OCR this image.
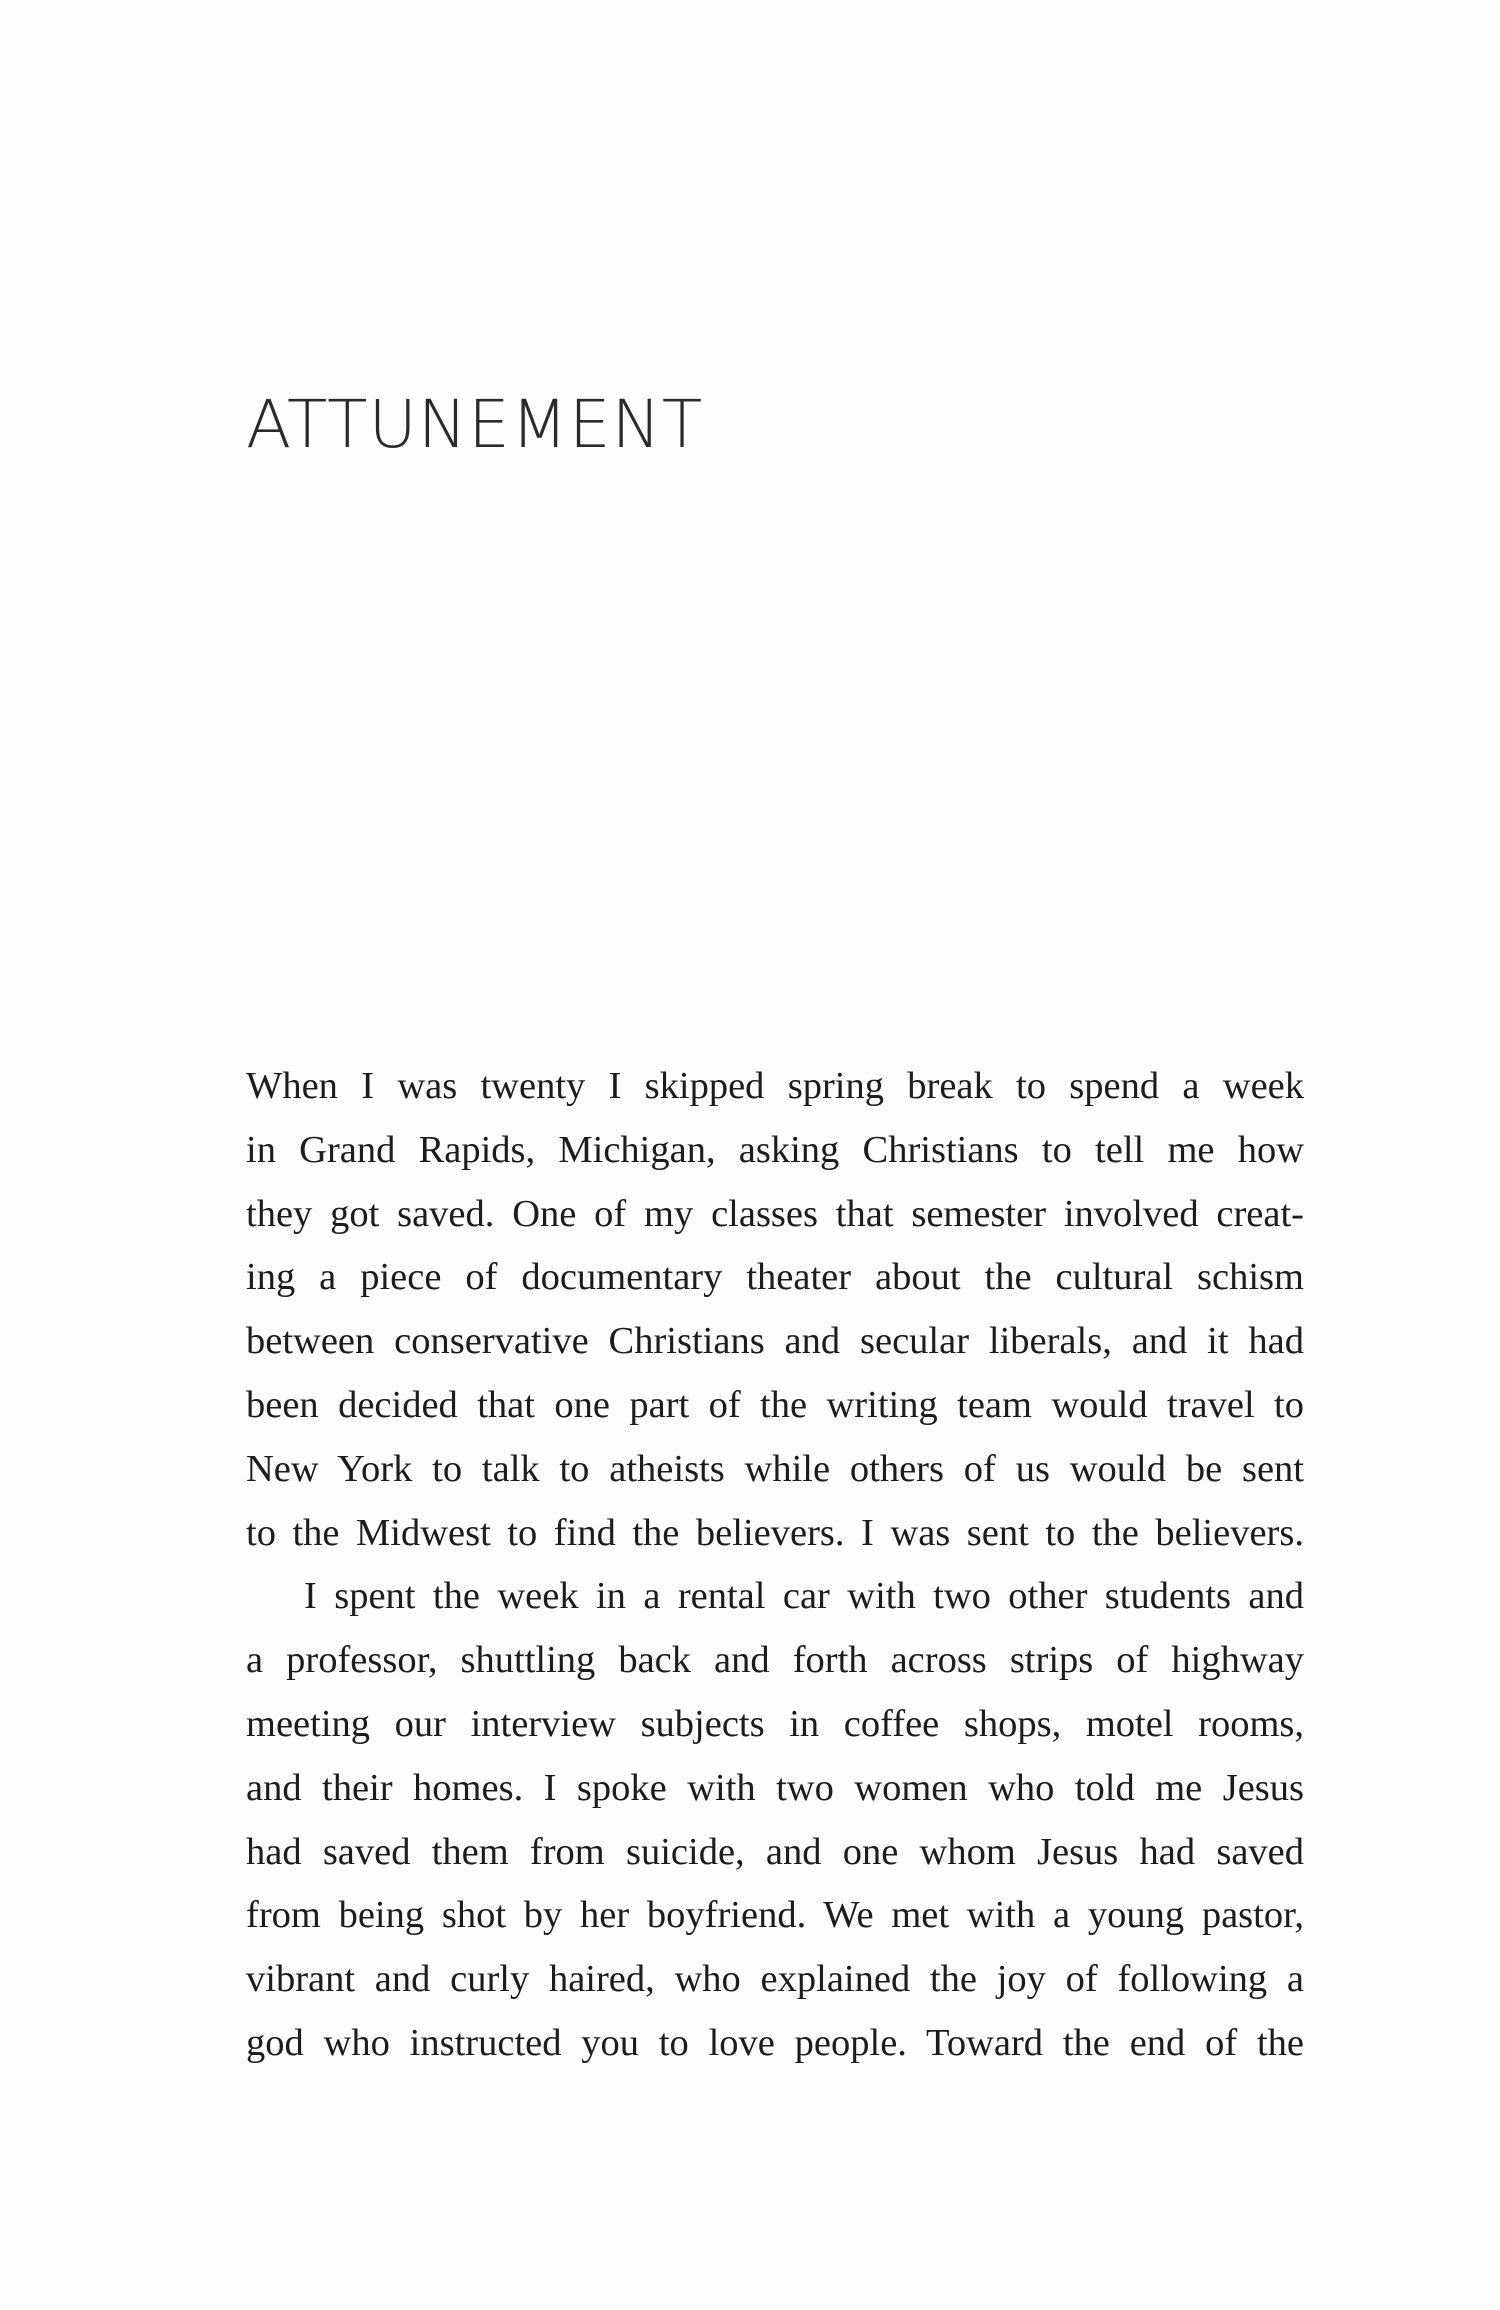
ATTUNEMENT
When I was twenty I skipped spring break to spend a week
in Grand Rapids, Michigan, asking Christians to tell me how
they got saved. One of my classes that semester involved creat-
ing a piece of documentary theater about the cultural schism
between conservative Christians and secular liberals, and it had
been decided that one part of the writing team would travel to
New York to talk to atheists while others of us would be sent
to the Midwest to find the believers. I was sent to the believers.
I spent the week in a rental car with two other students and
a professor, shuttling back and forth across strips of highway
meeting our interview subjects in coffee shops, motel rooms,
and their homes. I spoke with two women who told me Jesus
had saved them from suicide, and one whom Jesus had saved
from being shot by her boyfriend. We met with a young pastor,
vibrant and curly haired, who explained the joy of following a
god who instructed you to love people. Toward the end of the
